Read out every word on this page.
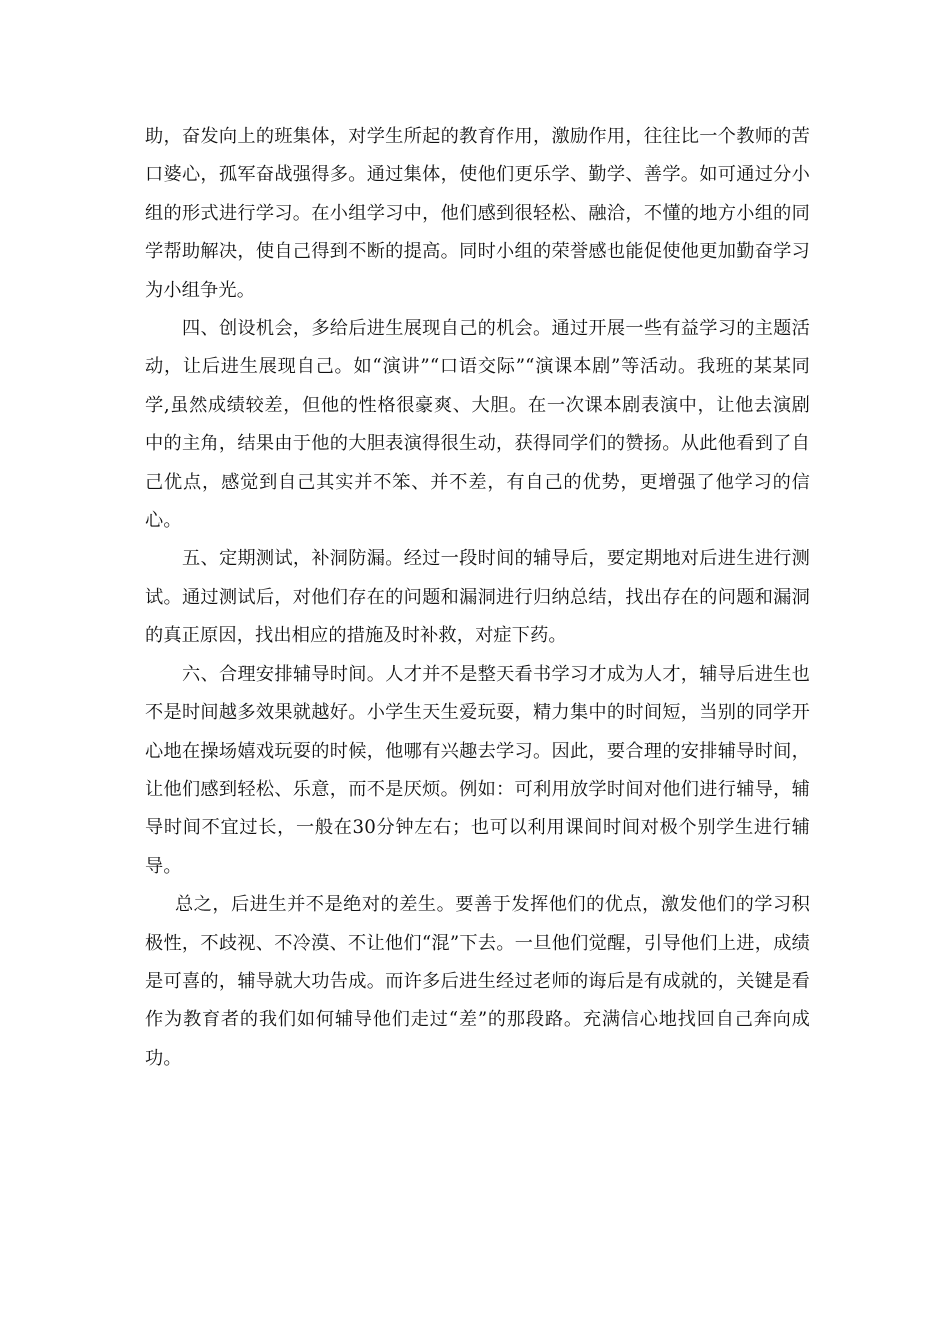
助，奋发向上的班集体，对学生所起的教育作用，激励作用，往往比一个教师的苦口婆心，孤军奋战强得多。通过集体，使他们更乐学、勤学、善学。如可通过分小组的形式进行学习。在小组学习中，他们感到很轻松、融洽，不懂的地方小组的同学帮助解决，使自己得到不断的提高。同时小组的荣誉感也能促使他更加勤奋学习为小组争光。

四、创设机会，多给后进生展现自己的机会。通过开展一些有益学习的主题活动，让后进生展现自己。如“演讲”“口语交际”“演课本剧”等活动。我班的某某同学,虽然成绩较差，但他的性格很豪爽、大胆。在一次课本剧表演中，让他去演剧中的主角，结果由于他的大胆表演得很生动，获得同学们的赞扬。从此他看到了自己优点，感觉到自己其实并不笨、并不差，有自己的优势，更增强了他学习的信心。

五、定期测试，补洞防漏。经过一段时间的辅导后，要定期地对后进生进行测试。通过测试后，对他们存在的问题和漏洞进行归纳总结，找出存在的问题和漏洞的真正原因，找出相应的措施及时补救，对症下药。

六、合理安排辅导时间。人才并不是整天看书学习才成为人才，辅导后进生也不是时间越多效果就越好。小学生天生爱玩耍，精力集中的时间短，当别的同学开心地在操场嬉戏玩耍的时候，他哪有兴趣去学习。因此，要合理的安排辅导时间，让他们感到轻松、乐意，而不是厌烦。例如：可利用放学时间对他们进行辅导，辅导时间不宜过长，一般在30分钟左右；也可以利用课间时间对极个别学生进行辅导。

总之，后进生并不是绝对的差生。要善于发挥他们的优点，激发他们的学习积极性，不歧视、不冷漠、不让他们“混”下去。一旦他们觉醒，引导他们上进，成绩是可喜的，辅导就大功告成。而许多后进生经过老师的诲后是有成就的，关键是看作为教育者的我们如何辅导他们走过“差”的那段路。充满信心地找回自己奔向成功。
